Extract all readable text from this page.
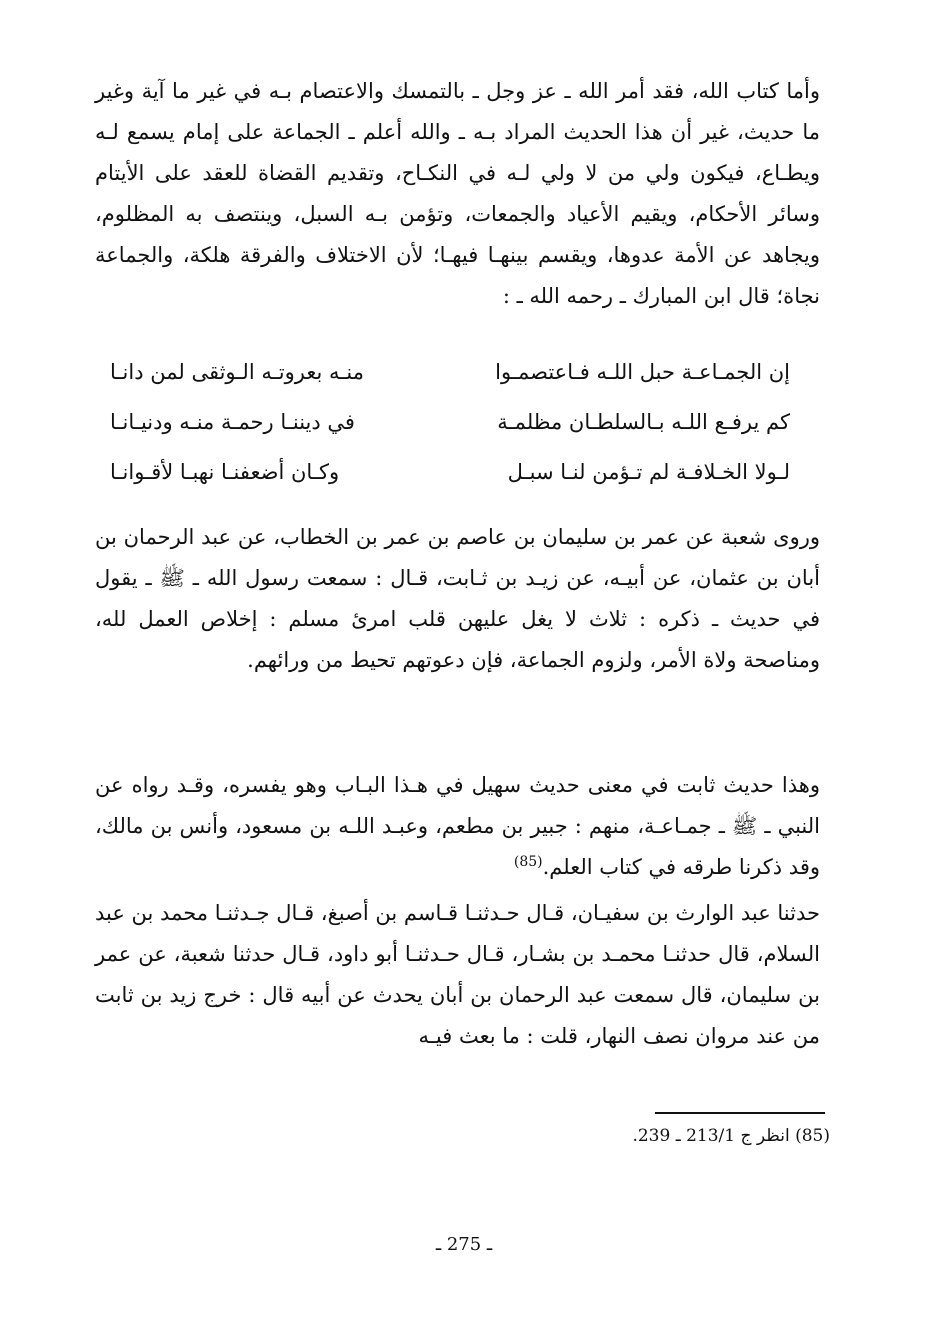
وأما كتاب الله، فقد أمر الله ـ عز وجل ـ بالتمسك والاعتصام بـه في غير ما آية وغير ما حديث، غير أن هذا الحديث المراد بـه ـ والله أعلم ـ الجماعة على إمام يسمع لـه ويطـاع، فيكون ولي من لا ولي لـه في النكـاح، وتقديم القضاة للعقد على الأيتام وسائر الأحكام، ويقيم الأعياد والجمعات، وتؤمن بـه السبل، وينتصف به المظلوم، ويجاهد عن الأمة عدوها، ويقسم بينهـا فيهـا؛ لأن الاختلاف والفرقة هلكة، والجماعة نجاة؛ قال ابن المبارك ـ رحمه الله ـ :

إن الجمـاعـة حبل اللـه فـاعتصمـوا
منـه بعروتـه الـوثقى لمن دانـا
كم يرفـع اللـه بـالسلطـان مظلمـة
في ديننـا رحمـة منـه ودنيـانـا
لـولا الخـلافـة لم تـؤمن لنـا سبـل
وكـان أضعفنـا نهبـا لأقـوانـا

وروى شعبة عن عمر بن سليمان بن عاصم بن عمر بن الخطاب، عن عبد الرحمان بن أبان بن عثمان، عن أبيـه، عن زيـد بن ثـابت، قـال : سمعت رسول الله ـ ﷺ ـ يقول في حديث ـ ذكره : ثلاث لا يغل عليهن قلب امرئ مسلم : إخلاص العمل لله، ومناصحة ولاة الأمر، ولزوم الجماعة، فإن دعوتهم تحيط من ورائهم.

وهذا حديث ثابت في معنى حديث سهيل في هـذا البـاب وهو يفسره، وقـد رواه عن النبي ـ ﷺ ـ جمـاعـة، منهم : جبير بن مطعم، وعبـد اللـه بن مسعود، وأنس بن مالك، وقد ذكرنا طرقه في كتاب العلم.$^{(85)}$

حدثنا عبد الوارث بن سفيـان، قـال حـدثنـا قـاسم بن أصبغ، قـال جـدثنـا محمد بن عبد السلام، قال حدثنـا محمـد بن بشـار، قـال حـدثنـا أبو داود، قـال حدثنا شعبة، عن عمر بن سليمان، قال سمعت عبد الرحمان بن أبان يحدث عن أبيه قال : خرج زيد بن ثابت من عند مروان نصف النهار، قلت : ما بعث فيـه

(85) انظر ج 213/1 ـ 239.
ـ 275 ـ
